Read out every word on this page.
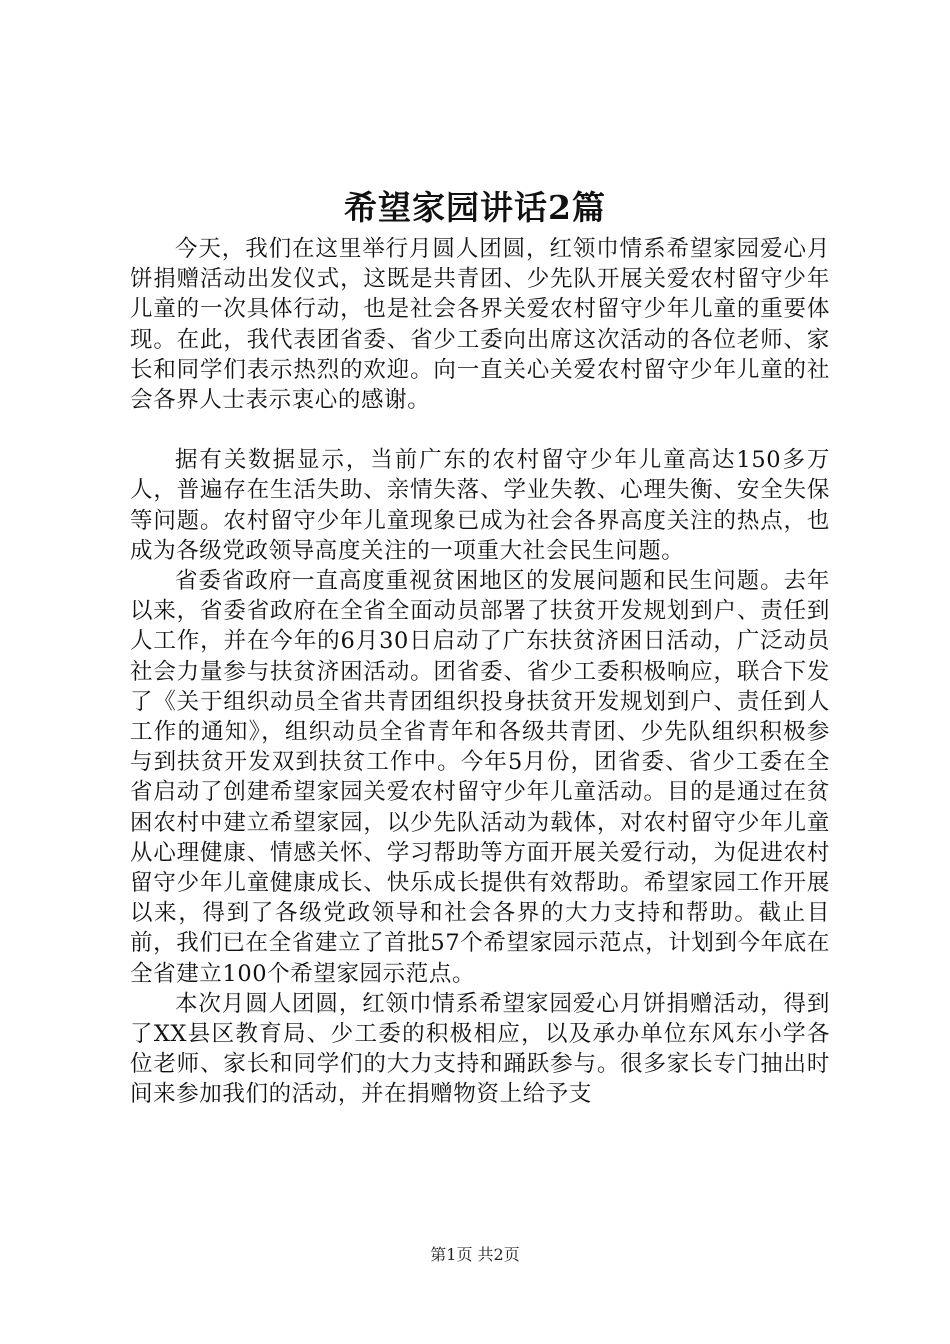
希望家园讲话2篇

今天，我们在这里举行月圆人团圆，红领巾情系希望家园爱心月饼捐赠活动出发仪式，这既是共青团、少先队开展关爱农村留守少年儿童的一次具体行动，也是社会各界关爱农村留守少年儿童的重要体现。在此，我代表团省委、省少工委向出席这次活动的各位老师、家长和同学们表示热烈的欢迎。向一直关心关爱农村留守少年儿童的社会各界人士表示衷心的感谢。

据有关数据显示，当前广东的农村留守少年儿童高达150多万人，普遍存在生活失助、亲情失落、学业失教、心理失衡、安全失保等问题。农村留守少年儿童现象已成为社会各界高度关注的热点，也成为各级党政领导高度关注的一项重大社会民生问题。

省委省政府一直高度重视贫困地区的发展问题和民生问题。去年以来，省委省政府在全省全面动员部署了扶贫开发规划到户、责任到人工作，并在今年的6月30日启动了广东扶贫济困日活动，广泛动员社会力量参与扶贫济困活动。团省委、省少工委积极响应，联合下发了《关于组织动员全省共青团组织投身扶贫开发规划到户、责任到人工作的通知》，组织动员全省青年和各级共青团、少先队组织积极参与到扶贫开发双到扶贫工作中。今年5月份，团省委、省少工委在全省启动了创建希望家园关爱农村留守少年儿童活动。目的是通过在贫困农村中建立希望家园，以少先队活动为载体，对农村留守少年儿童从心理健康、情感关怀、学习帮助等方面开展关爱行动，为促进农村留守少年儿童健康成长、快乐成长提供有效帮助。希望家园工作开展以来，得到了各级党政领导和社会各界的大力支持和帮助。截止目前，我们已在全省建立了首批57个希望家园示范点，计划到今年底在全省建立100个希望家园示范点。

本次月圆人团圆，红领巾情系希望家园爱心月饼捐赠活动，得到了XX县区教育局、少工委的积极相应，以及承办单位东风东小学各位老师、家长和同学们的大力支持和踊跃参与。很多家长专门抽出时间来参加我们的活动，并在捐赠物资上给予支

第1页 共2页
